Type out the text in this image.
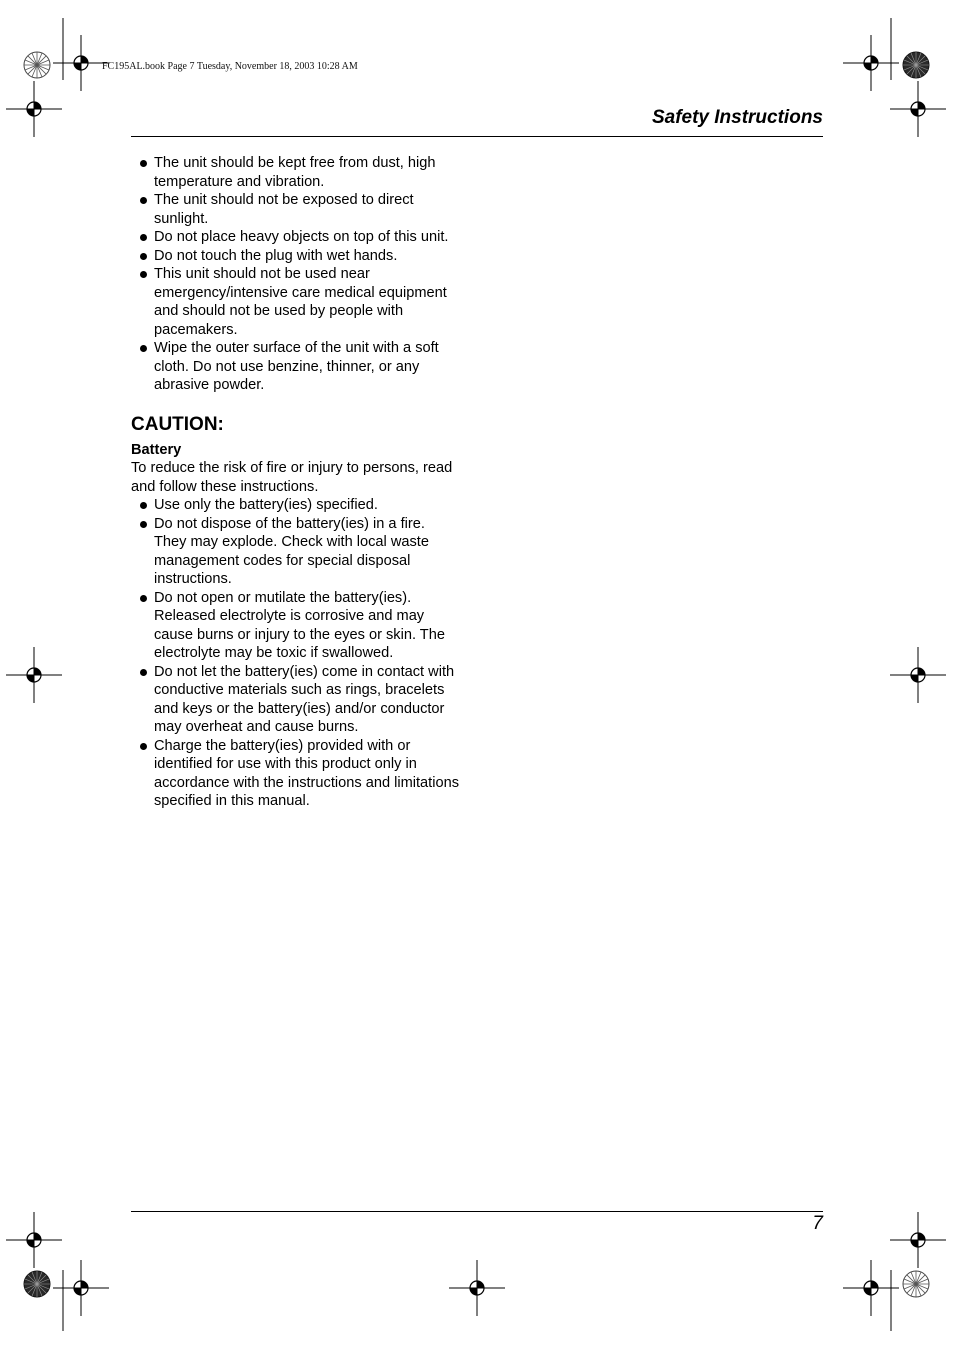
FC195AL.book Page 7 Tuesday, November 18, 2003 10:28 AM
Safety Instructions
The unit should be kept free from dust, high temperature and vibration.
The unit should not be exposed to direct sunlight.
Do not place heavy objects on top of this unit.
Do not touch the plug with wet hands.
This unit should not be used near emergency/intensive care medical equipment and should not be used by people with pacemakers.
Wipe the outer surface of the unit with a soft cloth. Do not use benzine, thinner, or any abrasive powder.
CAUTION:
Battery

To reduce the risk of fire or injury to persons, read and follow these instructions.

Use only the battery(ies) specified.
Do not dispose of the battery(ies) in a fire. They may explode. Check with local waste management codes for special disposal instructions.
Do not open or mutilate the battery(ies). Released electrolyte is corrosive and may cause burns or injury to the eyes or skin. The electrolyte may be toxic if swallowed.
Do not let the battery(ies) come in contact with conductive materials such as rings, bracelets and keys or the battery(ies) and/or conductor may overheat and cause burns.
Charge the battery(ies) provided with or identified for use with this product only in accordance with the instructions and limitations specified in this manual.
7
